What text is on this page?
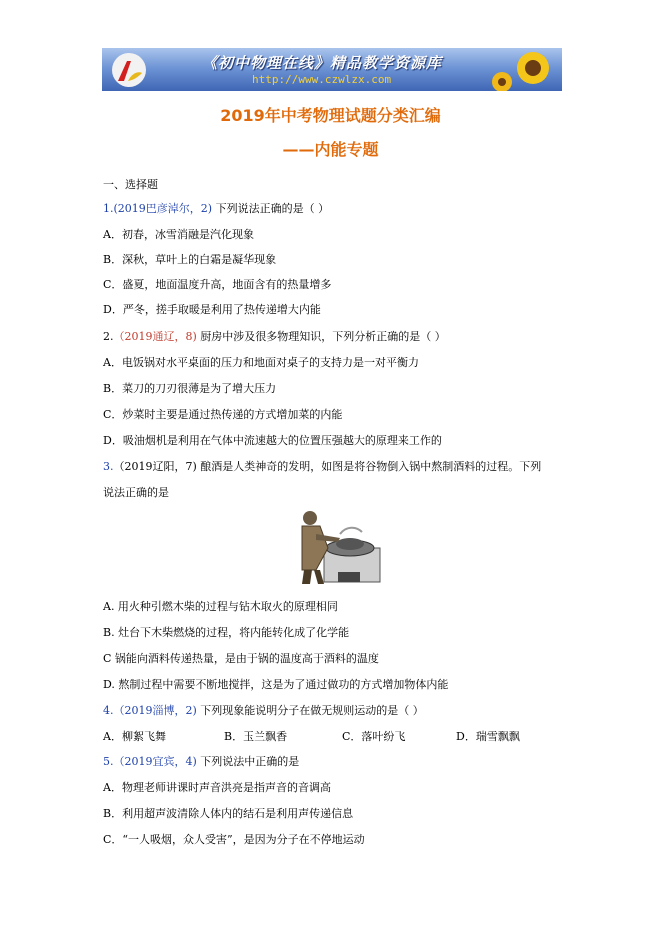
《初中物理在线》精品教学资源库
http://www.czwlzx.com
2019年中考物理试题分类汇编
——内能专题
一、选择题
1.(2019巴彦淖尔，2) 下列说法正确的是（ ）
A．初春，冰雪消融是汽化现象
B．深秋，草叶上的白霜是凝华现象
C．盛夏，地面温度升高，地面含有的热量增多
D．严冬，搓手取暖是利用了热传递增大内能
2.（2019通辽，8) 厨房中涉及很多物理知识，下列分析正确的是（ ）
A．电饭锅对水平桌面的压力和地面对桌子的支持力是一对平衡力
B．菜刀的刀刃很薄是为了增大压力
C．炒菜时主要是通过热传递的方式增加菜的内能
D．吸油烟机是利用在气体中流速越大的位置压强越大的原理来工作的
3.（2019辽阳，7) 酿酒是人类神奇的发明，如图是将谷物倒入锅中熬制酒料的过程。下列
说法正确的是
A. 用火种引燃木柴的过程与钻木取火的原理相同
B. 灶台下木柴燃烧的过程，将内能转化成了化学能
C 锅能向酒料传递热量，是由于锅的温度高于酒料的温度
D. 熬制过程中需要不断地搅拌，这是为了通过做功的方式增加物体内能
4.（2019淄博，2) 下列现象能说明分子在做无规则运动的是（ ）
A．柳絮飞舞	B．玉兰飘香	C．落叶纷飞	D．瑞雪飘飘
5.（2019宜宾，4) 下列说法中正确的是
A．物理老师讲课时声音洪亮是指声音的音调高
B．利用超声波清除人体内的结石是利用声传递信息
C．“一人吸烟，众人受害”，是因为分子在不停地运动
